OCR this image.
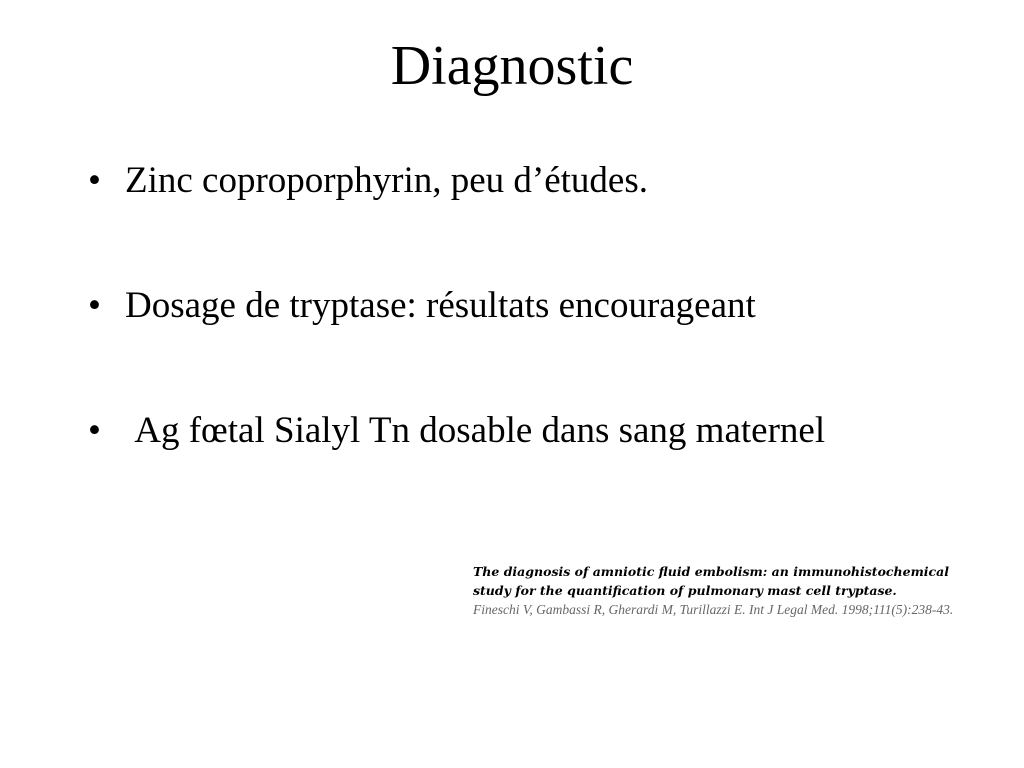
Diagnostic
• Zinc coproporphyrin, peu d’études.
• Dosage de tryptase: résultats encourageant
• Ag fœtal Sialyl Tn dosable dans sang maternel
The diagnosis of amniotic fluid embolism: an immunohistochemical
study for the quantification of pulmonary mast cell tryptase.
Fineschi V, Gambassi R, Gherardi M, Turillazzi E. Int J Legal Med. 1998;111(5):238-43.
